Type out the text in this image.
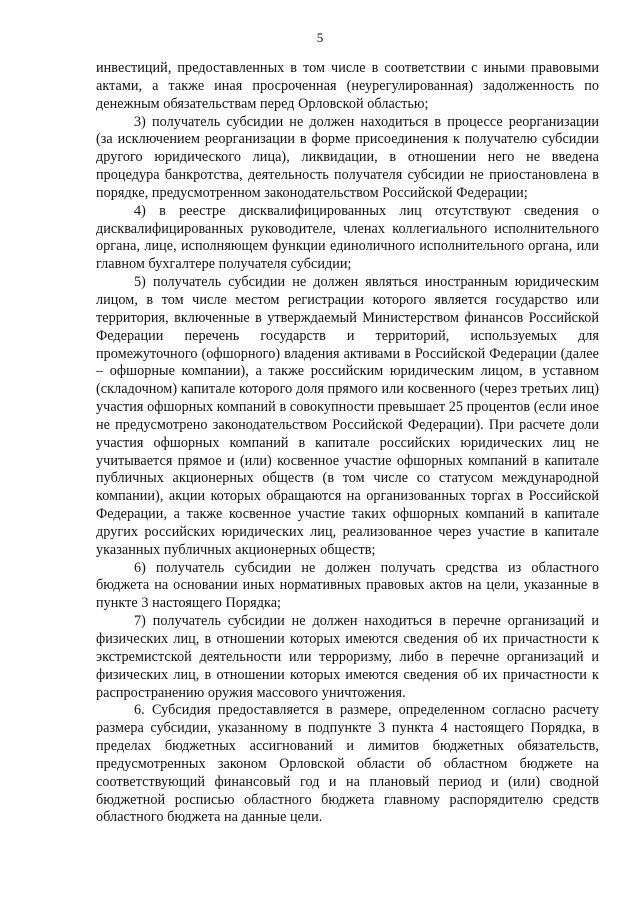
5

инвестиций, предоставленных в том числе в соответствии с иными правовыми актами, а также иная просроченная (неурегулированная) задолженность по денежным обязательствам перед Орловской областью;

3) получатель субсидии не должен находиться в процессе реорганизации (за исключением реорганизации в форме присоединения к получателю субсидии другого юридического лица), ликвидации, в отношении него не введена процедура банкротства, деятельность получателя субсидии не приостановлена в порядке, предусмотренном законодательством Российской Федерации;

4) в реестре дисквалифицированных лиц отсутствуют сведения о дисквалифицированных руководителе, членах коллегиального исполнительного органа, лице, исполняющем функции единоличного исполнительного органа, или главном бухгалтере получателя субсидии;

5) получатель субсидии не должен являться иностранным юридическим лицом, в том числе местом регистрации которого является государство или территория, включенные в утверждаемый Министерством финансов Российской Федерации перечень государств и территорий, используемых для промежуточного (офшорного) владения активами в Российской Федерации (далее – офшорные компании), а также российским юридическим лицом, в уставном (складочном) капитале которого доля прямого или косвенного (через третьих лиц) участия офшорных компаний в совокупности превышает 25 процентов (если иное не предусмотрено законодательством Российской Федерации). При расчете доли участия офшорных компаний в капитале российских юридических лиц не учитывается прямое и (или) косвенное участие офшорных компаний в капитале публичных акционерных обществ (в том числе со статусом международной компании), акции которых обращаются на организованных торгах в Российской Федерации, а также косвенное участие таких офшорных компаний в капитале других российских юридических лиц, реализованное через участие в капитале указанных публичных акционерных обществ;

6) получатель субсидии не должен получать средства из областного бюджета на основании иных нормативных правовых актов на цели, указанные в пункте 3 настоящего Порядка;

7) получатель субсидии не должен находиться в перечне организаций и физических лиц, в отношении которых имеются сведения об их причастности к экстремистской деятельности или терроризму, либо в перечне организаций и физических лиц, в отношении которых имеются сведения об их причастности к распространению оружия массового уничтожения.

6. Субсидия предоставляется в размере, определенном согласно расчету размера субсидии, указанному в подпункте 3 пункта 4 настоящего Порядка, в пределах бюджетных ассигнований и лимитов бюджетных обязательств, предусмотренных законом Орловской области об областном бюджете на соответствующий финансовый год и на плановый период и (или) сводной бюджетной росписью областного бюджета главному распорядителю средств областного бюджета на данные цели.
